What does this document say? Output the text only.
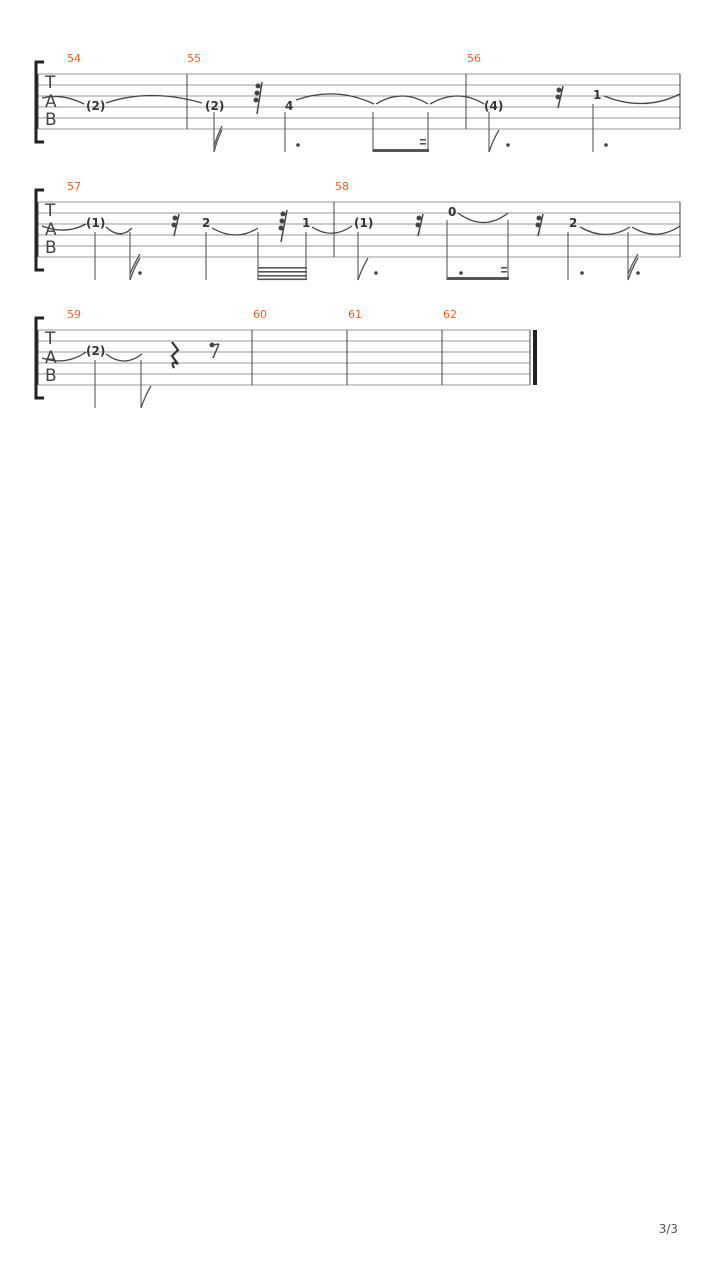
T
A
B
54	55	56
(2)	(2)	4	(4)
1
T
A
B
57	58
(1)	2	1	(1)
0
2
T
A
B
59	60	61	62
(2)
3/3
